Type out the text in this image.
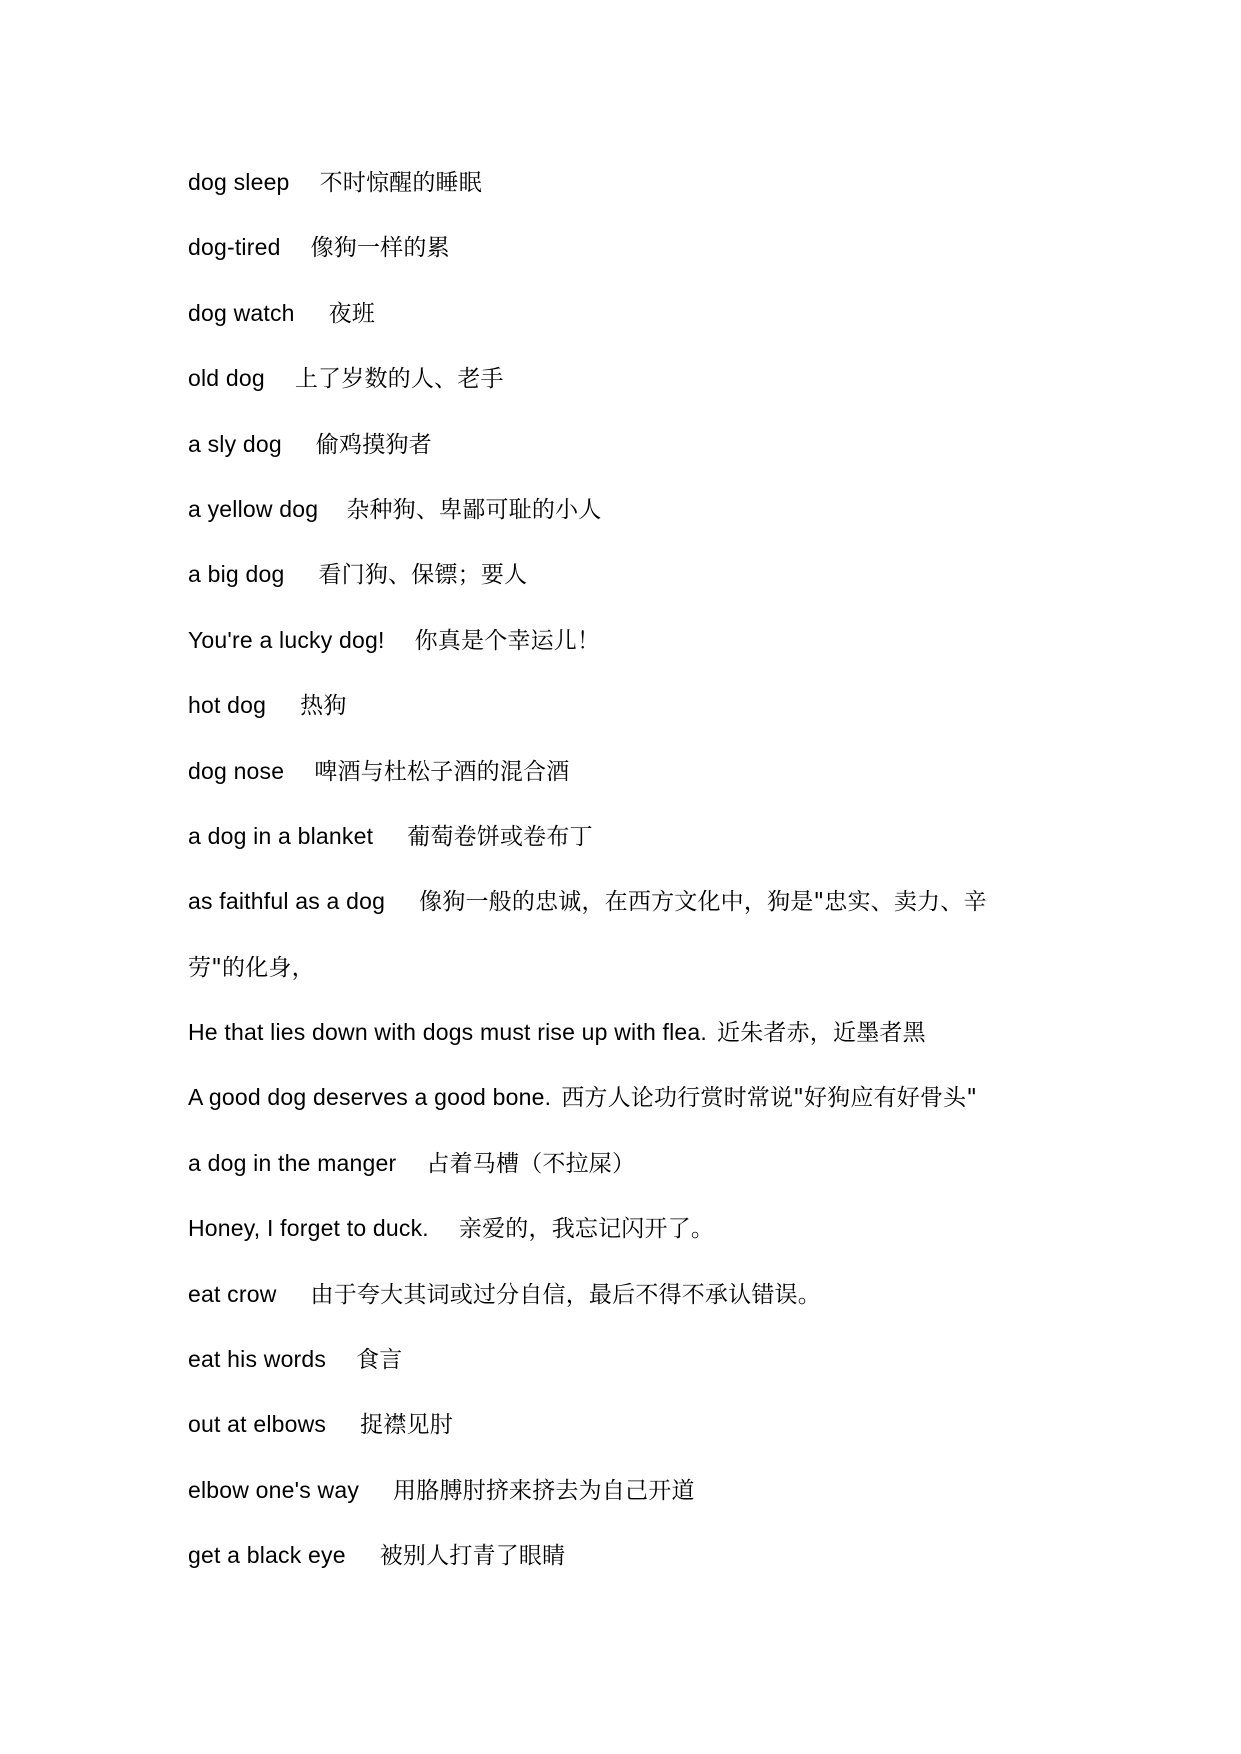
dog sleep 不时惊醒的睡眠
dog-tired 像狗一样的累
dog watch 夜班
old dog 上了岁数的人、老手
a sly dog 偷鸡摸狗者
a yellow dog 杂种狗、卑鄙可耻的小人
a big dog 看门狗、保镖；要人
You're a lucky dog! 你真是个幸运儿！
hot dog 热狗
dog nose 啤酒与杜松子酒的混合酒
a dog in a blanket 葡萄卷饼或卷布丁
as faithful as a dog 像狗一般的忠诚，在西方文化中，狗是"忠实、卖力、辛
劳"的化身，
He that lies down with dogs must rise up with flea. 近朱者赤，近墨者黑
A good dog deserves a good bone. 西方人论功行赏时常说"好狗应有好骨头"
a dog in the manger 占着马槽（不拉屎）
Honey, I forget to duck. 亲爱的，我忘记闪开了。
eat crow 由于夸大其词或过分自信，最后不得不承认错误。
eat his words 食言
out at elbows 捉襟见肘
elbow one's way 用胳膊肘挤来挤去为自己开道
get a black eye 被别人打青了眼睛
